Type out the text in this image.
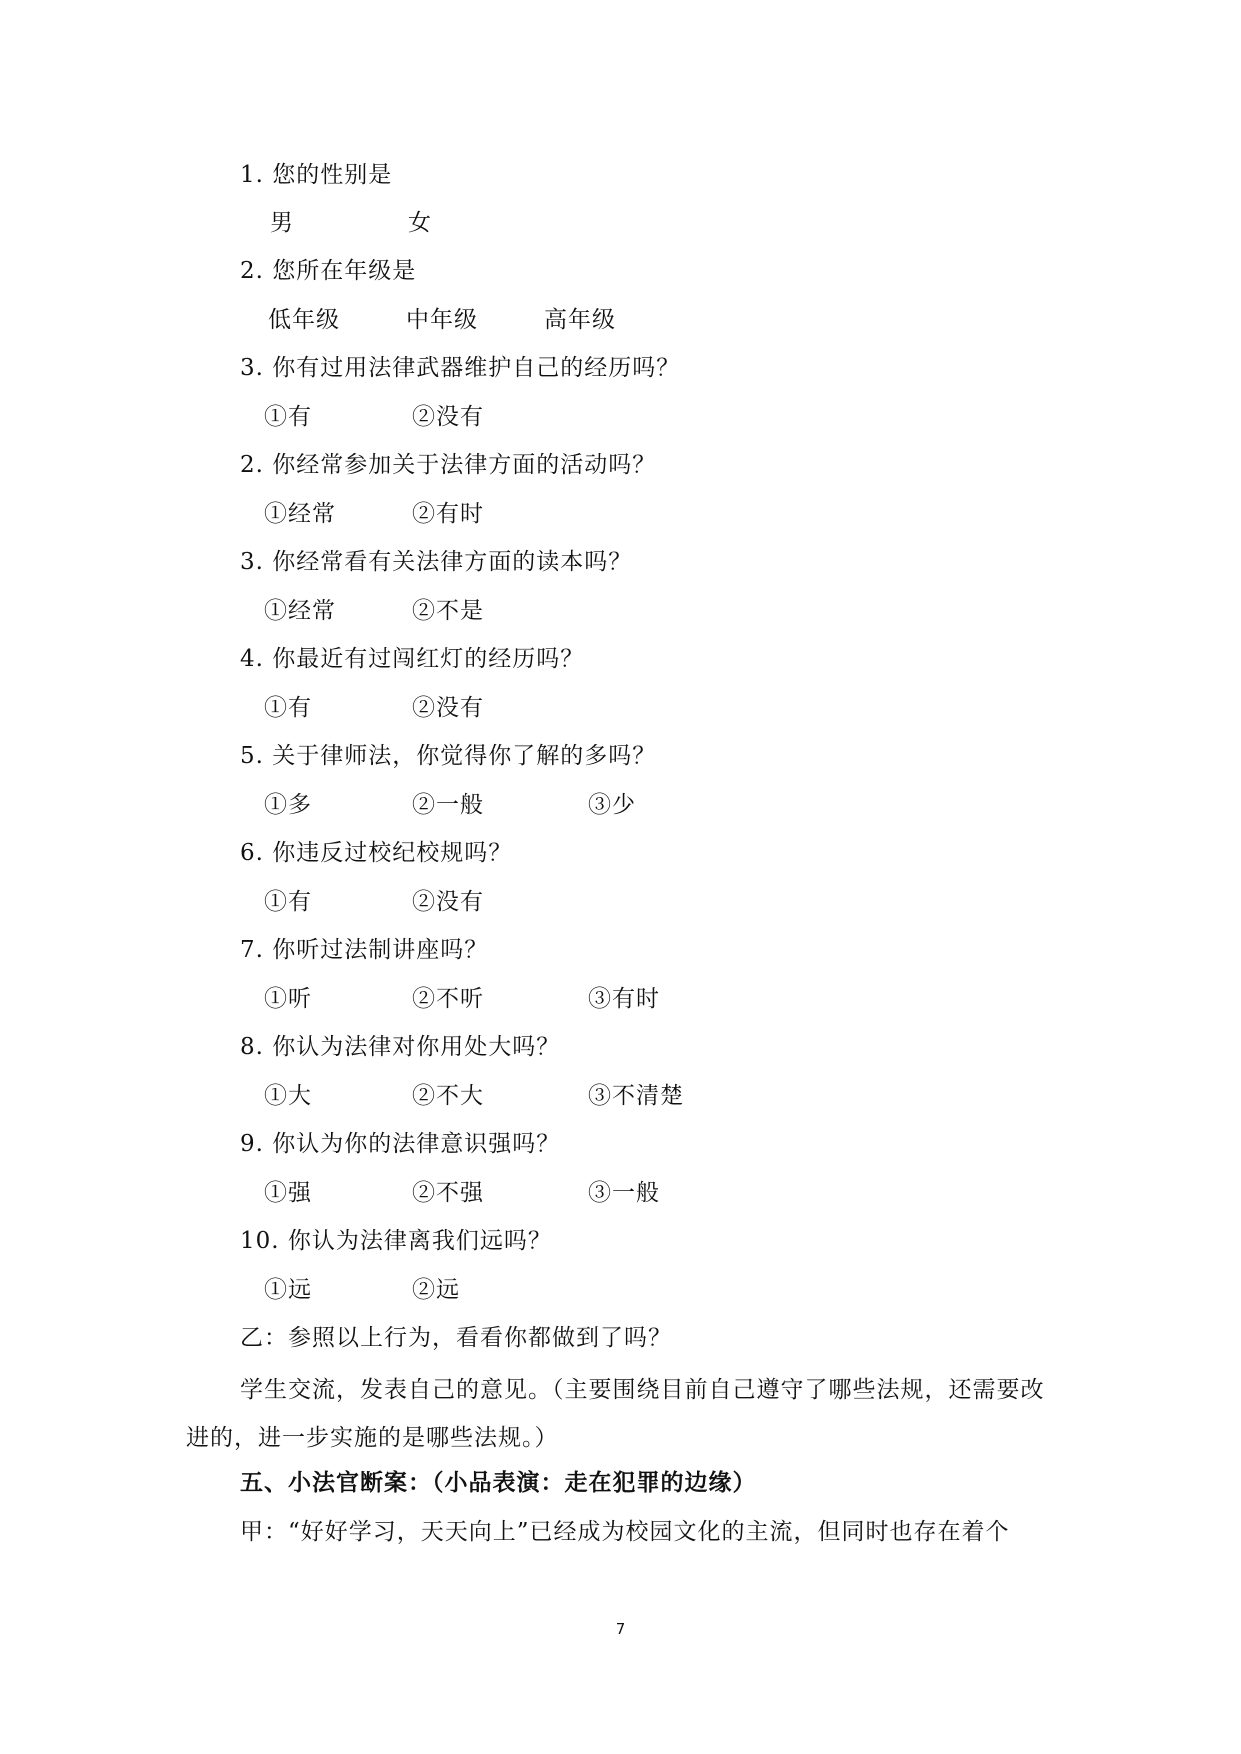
1. 您的性别是
男	女
2. 您所在年级是
低年级	中年级	高年级
3. 你有过用法律武器维护自己的经历吗？
①有	②没有
2. 你经常参加关于法律方面的活动吗？
①经常	②有时
3. 你经常看有关法律方面的读本吗？
①经常	②不是
4. 你最近有过闯红灯的经历吗？
①有	②没有
5. 关于律师法，你觉得你了解的多吗？
①多	②一般	③少
6. 你违反过校纪校规吗？
①有	②没有
7. 你听过法制讲座吗？
①听	②不听	③有时
8. 你认为法律对你用处大吗？
①大	②不大	③不清楚
9. 你认为你的法律意识强吗？
①强	②不强	③一般
10. 你认为法律离我们远吗？
①远	②远
乙：参照以上行为，看看你都做到了吗？
学生交流，发表自己的意见。（主要围绕目前自己遵守了哪些法规，还需要改进的，进一步实施的是哪些法规。）
五、小法官断案：（小品表演：走在犯罪的边缘）
甲：“好好学习，天天向上”已经成为校园文化的主流，但同时也存在着个
7
